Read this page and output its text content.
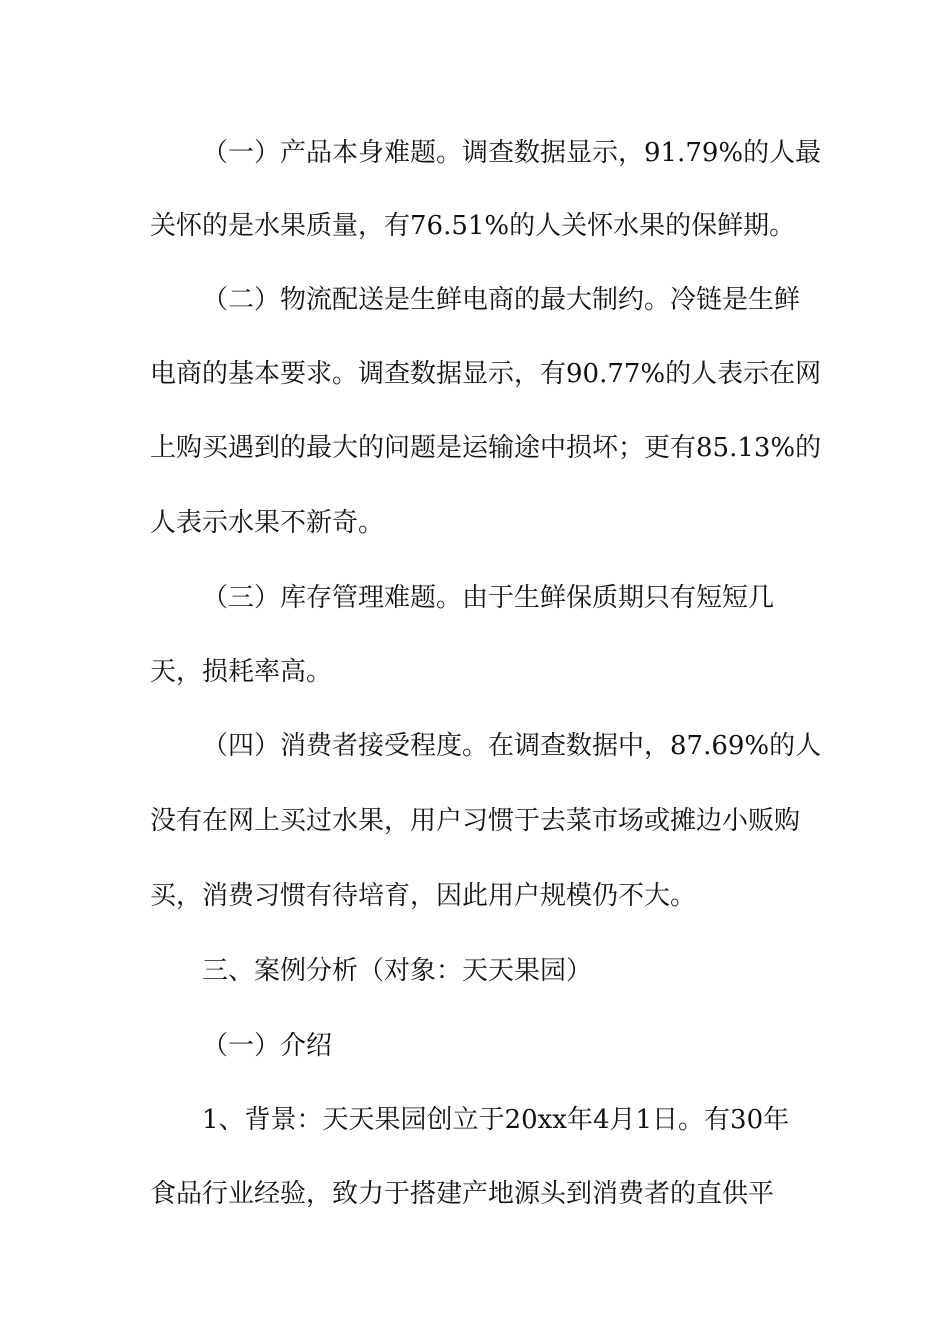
（一）产品本身难题。调查数据显示，91.79%的人最
关怀的是水果质量，有76.51%的人关怀水果的保鲜期。
（二）物流配送是生鲜电商的最大制约。冷链是生鲜
电商的基本要求。调查数据显示，有90.77%的人表示在网
上购买遇到的最大的问题是运输途中损坏；更有85.13%的
人表示水果不新奇。
（三）库存管理难题。由于生鲜保质期只有短短几
天，损耗率高。
（四）消费者接受程度。在调查数据中，87.69%的人
没有在网上买过水果，用户习惯于去菜市场或摊边小贩购
买，消费习惯有待培育，因此用户规模仍不大。
三、案例分析（对象：天天果园）
（一）介绍
1、背景：天天果园创立于20xx年4月1日。有30年
食品行业经验，致力于搭建产地源头到消费者的直供平
